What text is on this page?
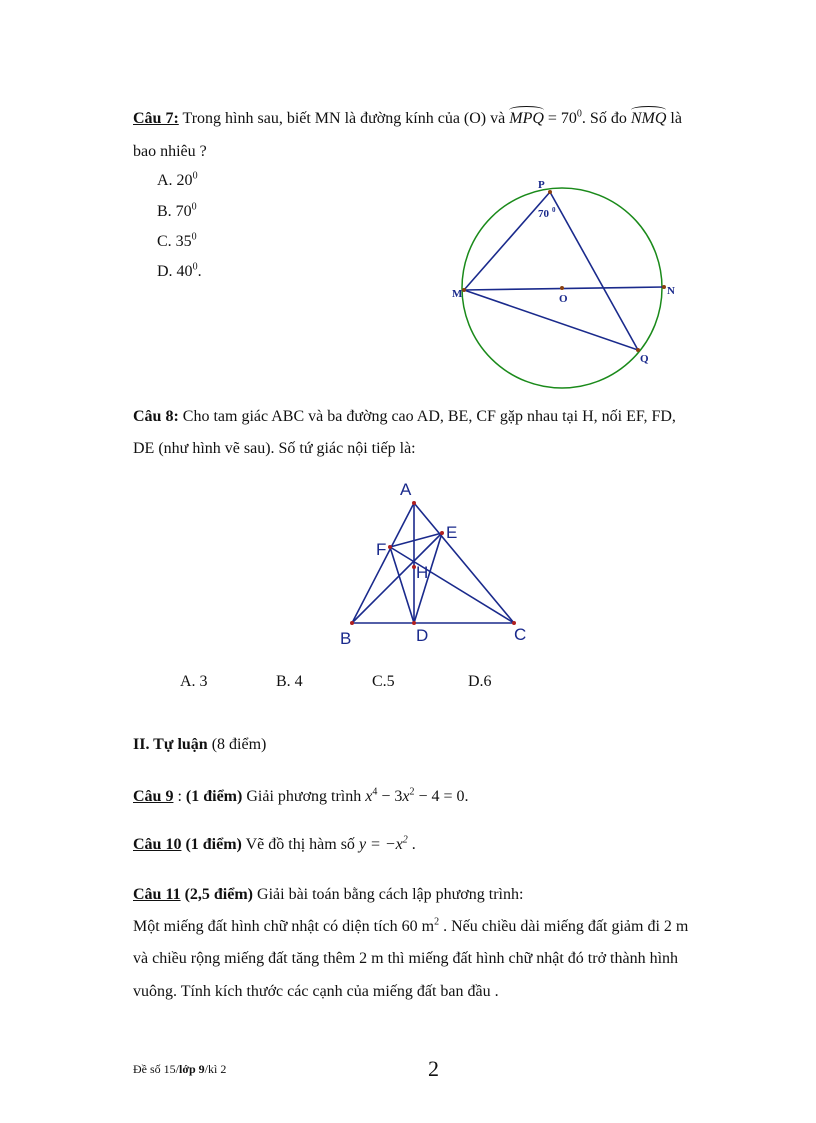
Câu 7: Trong hình sau, biết MN là đường kính của (O) và MPQ = $70^0$. Số đo NMQ là
bao nhiêu ?
A. $20^0$
B. $70^0$
C. $35^0$
D. $40^0$.
P
M	N
O
Q
70 0
Câu 8: Cho tam giác ABC và ba đường cao AD, BE, CF gặp nhau tại H, nối EF, FD,
DE (như hình vẽ sau). Số tứ giác nội tiếp là:
A
B	C
D
E
F
H
A. 3	B. 4	C.5	D.6
II. Tự luận (8 điểm)
Câu 9 : (1 điểm) Giải phương trình $x^4 - 3x^2 - 4 = 0$.
Câu 10 (1 điểm) Vẽ đồ thị hàm số $y = -x^2$ .
Câu 11 (2,5 điểm) Giải bài toán bằng cách lập phương trình:
Một miếng đất hình chữ nhật có diện tích 60 $m^2$ . Nếu chiều dài miếng đất giảm đi 2 m
và chiều rộng miếng đất tăng thêm 2 m thì miếng đất hình chữ nhật đó trở thành hình
vuông. Tính kích thước các cạnh của miếng đất ban đầu .
Đề số 15/lớp 9/kì 2	2
